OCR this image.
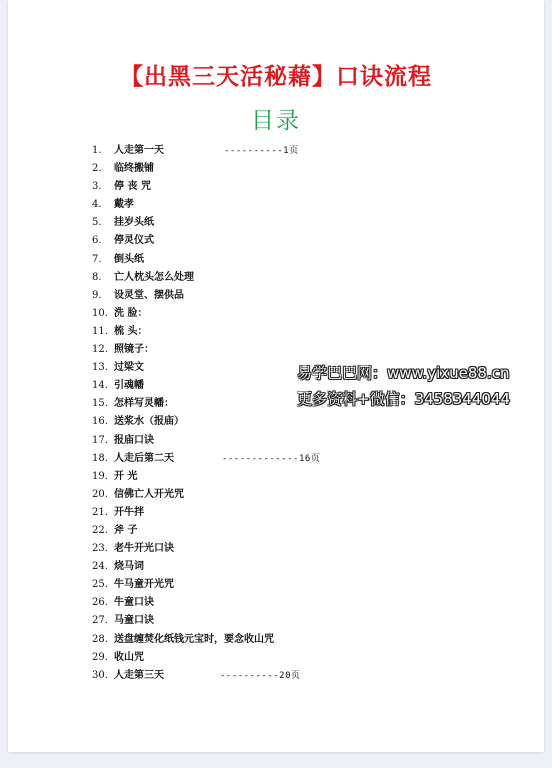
【出黑三天活秘藉】口诀流程
目录
1. 人走第一天	----------1页
2. 临终搬铺
3. 停 丧 咒
4. 戴孝
5. 挂岁头纸
6. 停灵仪式
7. 倒头纸
8. 亡人枕头怎么处理
9. 设灵堂、摆供品
10. 洗 脸：
11. 梳 头：
12. 照镜子：
13. 过梁文
14. 引魂幡
15. 怎样写灵幡：
16. 送浆水（报庙）
17. 报庙口诀
18. 人走后第二天	-------------16页
19. 开 光
20. 信佛亡人开光咒
21. 开牛拌
22. 斧 子
23. 老牛开光口诀
24. 烧马词
25. 牛马童开光咒
26. 牛童口诀
27. 马童口诀
28. 送盘缠焚化纸钱元宝时，要念收山咒
29. 收山咒
30. 人走第三天	----------20页
易学巴巴网：www.yixue88.cn
更多资料+微信：3458344044
